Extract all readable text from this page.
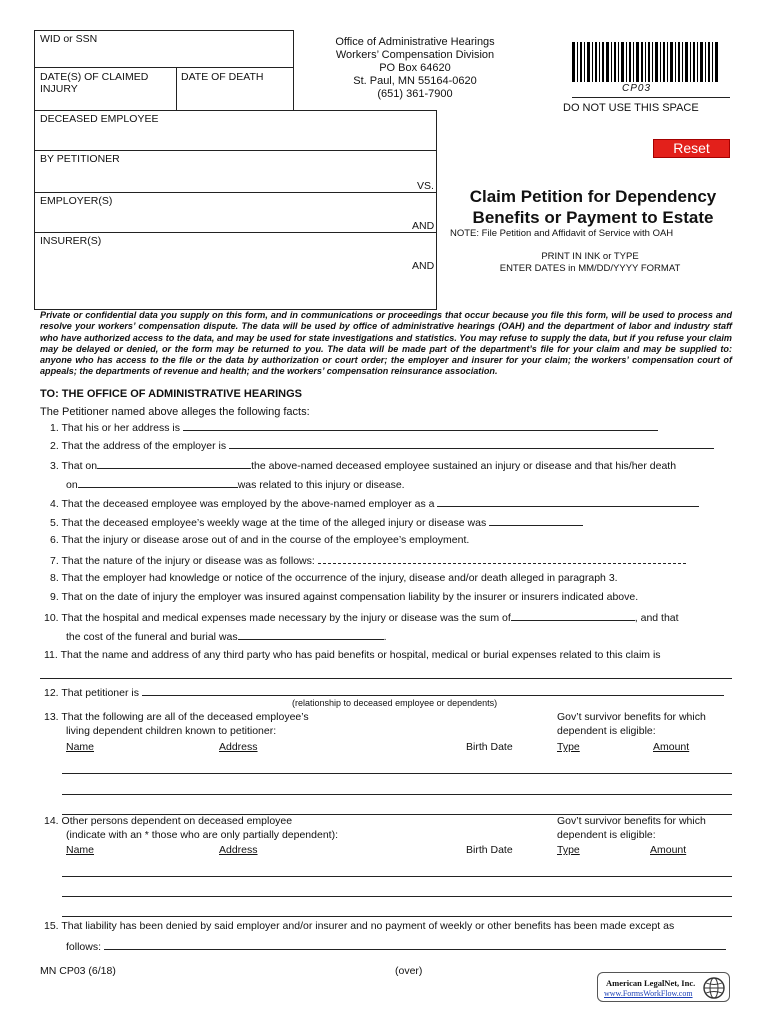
WID or SSN
DATE(S) OF CLAIMED INJURY
DATE OF DEATH
DECEASED EMPLOYEE
BY PETITIONER
VS.
EMPLOYER(S)
AND
INSURER(S)
AND
Office of Administrative Hearings
Workers’ Compensation Division
PO Box 64620
St. Paul, MN 55164-0620
(651) 361-7900	CP03
DO NOT USE THIS SPACE
Reset
Claim Petition for Dependency
Benefits or Payment to Estate
NOTE: File Petition and Affidavit of Service with OAH
PRINT IN INK or TYPE
ENTER DATES in MM/DD/YYYY FORMAT
Private or confidential data you supply on this form, and in communications or proceedings that occur because you file this form, will be used to process and resolve your workers’ compensation dispute. The data will be used by office of administrative hearings (OAH) and the department of labor and industry staff who have authorized access to the data, and may be used for state investigations and statistics. You may refuse to supply the data, but if you refuse your claim may be delayed or denied, or the form may be returned to you. The data will be made part of the department’s file for your claim and may be supplied to: anyone who has access to the file or the data by authorization or court order; the employer and insurer for your claim; the workers’ compensation court of appeals; the departments of revenue and health; and the workers’ compensation reinsurance association.
TO: THE OFFICE OF ADMINISTRATIVE HEARINGS
The Petitioner named above alleges the following facts:
1. That his or her address is
2. That the address of the employer is
3. That on	the above-named deceased employee sustained an injury or disease and that his/her death
on	was related to this injury or disease.
4. That the deceased employee was employed by the above-named employer as a
5. That the deceased employee’s weekly wage at the time of the alleged injury or disease was
6. That the injury or disease arose out of and in the course of the employee’s employment.
7. That the nature of the injury or disease was as follows:
8. That the employer had knowledge or notice of the occurrence of the injury, disease and/or death alleged in paragraph 3.
9. That on the date of injury the employer was insured against compensation liability by the insurer or insurers indicated above.
10. That the hospital and medical expenses made necessary by the injury or disease was the sum of	, and that
the cost of the funeral and burial was	.
11. That the name and address of any third party who has paid benefits or hospital, medical or burial expenses related to this claim is
12. That petitioner is
(relationship to deceased employee or dependents)
13. That the following are all of the deceased employee’s
living dependent children known to petitioner:
Gov’t survivor benefits for which
dependent is eligible:
Name	Address	Birth Date	Type	Amount
14. Other persons dependent on deceased employee
(indicate with an * those who are only partially dependent):
Gov’t survivor benefits for which
dependent is eligible:
Name	Address	Birth Date	Type	Amount
15. That liability has been denied by said employer and/or insurer and no payment of weekly or other benefits has been made except as
follows:
MN CP03 (6/18)	(over)
American LegalNet, Inc.
www.FormsWorkFlow.com
